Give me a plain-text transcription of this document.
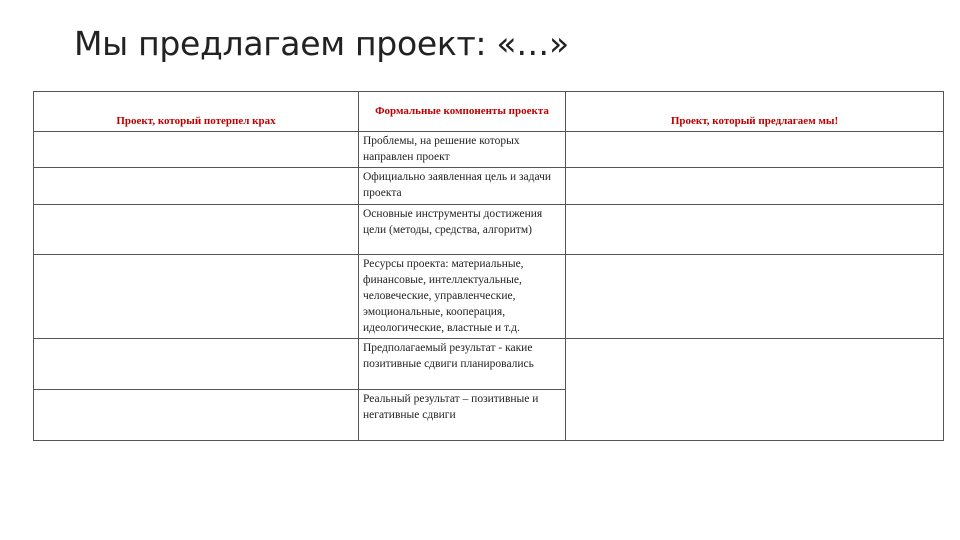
Мы предлагаем проект: «…»
Проект, который потерпел крах	Формальные компоненты проекта	Проект, который предлагаем мы!
	Проблемы, на решение которых направлен проект	
	Официально заявленная цель и задачи проекта	
	Основные инструменты достижения цели (методы, средства, алгоритм)	
	Ресурсы проекта: материальные, финансовые, интеллектуальные, человеческие, управленческие, эмоциональные, кооперация, идеологические, властные и т.д.	
	Предполагаемый результат - какие позитивные сдвиги планировались	
	Реальный результат – позитивные и негативные сдвиги	
